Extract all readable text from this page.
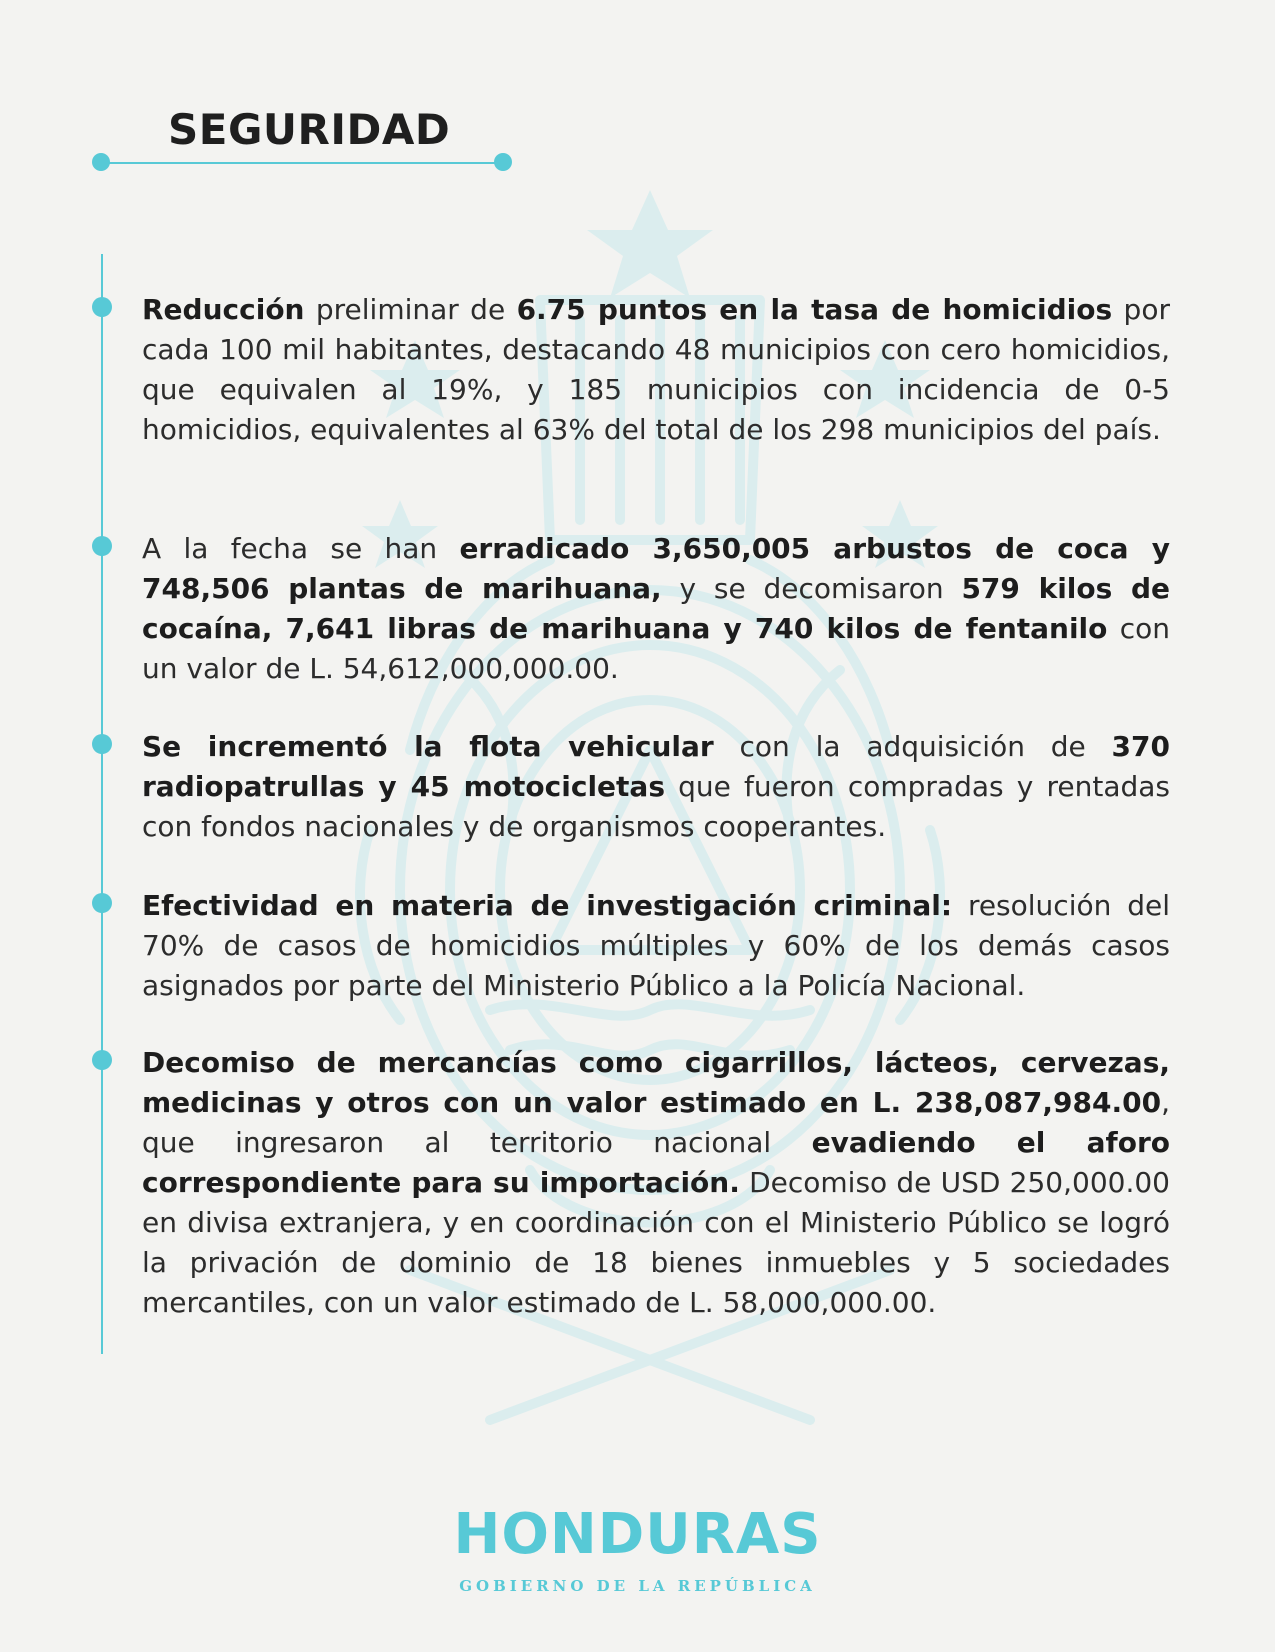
SEGURIDAD

Reducción preliminar de 6.75 puntos en la tasa de homicidios por cada 100 mil habitantes, destacando 48 municipios con cero homicidios, que equivalen al 19%, y 185 municipios con incidencia de 0-5 homicidios, equivalentes al 63% del total de los 298 municipios del país.

A la fecha se han erradicado 3,650,005 arbustos de coca y 748,506 plantas de marihuana, y se decomisaron 579 kilos de cocaína, 7,641 libras de marihuana y 740 kilos de fentanilo con un valor de L. 54,612,000,000.00.

Se incrementó la flota vehicular con la adquisición de 370 radiopatrullas y 45 motocicletas que fueron compradas y rentadas con fondos nacionales y de organismos cooperantes.

Efectividad en materia de investigación criminal: resolución del 70% de casos de homicidios múltiples y 60% de los demás casos asignados por parte del Ministerio Público a la Policía Nacional.

Decomiso de mercancías como cigarrillos, lácteos, cervezas, medicinas y otros con un valor estimado en L. 238,087,984.00, que ingresaron al territorio nacional evadiendo el aforo correspondiente para su importación. Decomiso de USD 250,000.00 en divisa extranjera, y en coordinación con el Ministerio Público se logró la privación de dominio de 18 bienes inmuebles y 5 sociedades mercantiles, con un valor estimado de L. 58,000,000.00.

HONDURAS
GOBIERNO DE LA REPÚBLICA
